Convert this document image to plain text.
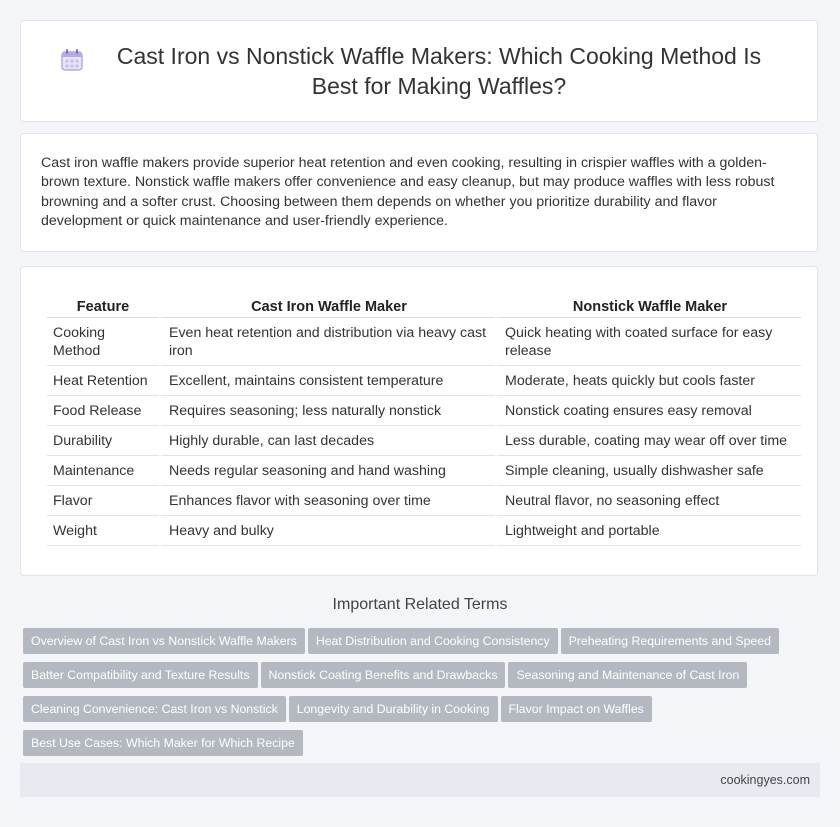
Cast Iron vs Nonstick Waffle Makers: Which Cooking Method Is Best for Making Waffles?

Cast iron waffle makers provide superior heat retention and even cooking, resulting in crispier waffles with a golden-brown texture. Nonstick waffle makers offer convenience and easy cleanup, but may produce waffles with less robust browning and a softer crust. Choosing between them depends on whether you prioritize durability and flavor development or quick maintenance and user-friendly experience.

Feature	Cast Iron Waffle Maker	Nonstick Waffle Maker
Cooking Method	Even heat retention and distribution via heavy cast iron	Quick heating with coated surface for easy release
Heat Retention	Excellent, maintains consistent temperature	Moderate, heats quickly but cools faster
Food Release	Requires seasoning; less naturally nonstick	Nonstick coating ensures easy removal
Durability	Highly durable, can last decades	Less durable, coating may wear off over time
Maintenance	Needs regular seasoning and hand washing	Simple cleaning, usually dishwasher safe
Flavor	Enhances flavor with seasoning over time	Neutral flavor, no seasoning effect
Weight	Heavy and bulky	Lightweight and portable
Important Related Terms
Overview of Cast Iron vs Nonstick Waffle Makers Heat Distribution and Cooking Consistency Preheating Requirements and Speed
Batter Compatibility and Texture Results Nonstick Coating Benefits and Drawbacks Seasoning and Maintenance of Cast Iron
Cleaning Convenience: Cast Iron vs Nonstick Longevity and Durability in Cooking Flavor Impact on Waffles
Best Use Cases: Which Maker for Which Recipe
cookingyes.com
